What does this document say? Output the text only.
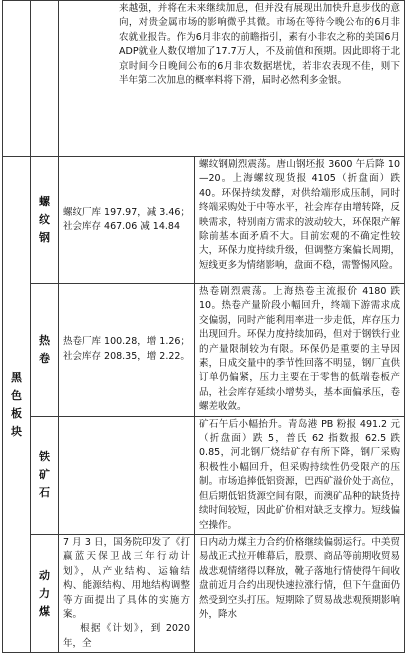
		来越强，并将在未来继续加息，但并没有展现出加快升息步伐的意向，对贵金属市场的影响微乎其微。市场在等待今晚公布的6月非农就业报告。作为6月非农的前瞻指引，素有小非农之称的美国6月ADP就业人数仅增加了17.7万人，不及前值和预期。因此即将于北京时间今日晚间公布的6月非农数据堪忧，若非农表现不佳，则下半年第二次加息的概率料将下滑，届时必然利多金银。	
黑色板块	螺纹钢	螺纹厂库 197.97，减 3.46；社会库存 467.06 减 14.84	螺纹钢剧烈震荡。唐山钢坯报 3600 午后降 10—20。上海螺纹现货报 4105（折盘面）跌 40。环保持续发酵，对供给端形成压制，同时终端采购处于中等水平，社会库存由增转降，反映需求，特别南方需求的波动较大，环保限产解除前基本面矛盾不大。目前宏观的不确定性较大，环保力度持续升级，但调整方案偏长周期，短线更多为情绪影响，盘面不稳，需警惕风险。
	热卷	热卷厂库 100.28，增 1.26；社会库存 208.35，增 2.22。	热卷剧烈震荡。上海热卷主流报价 4180 跌 10。热卷产量阶段小幅回升，终端下游需求成交偏弱，同时产能利用率进一步走低，库存压力出现回升。环保力度持续加码，但对于钢铁行业的产量限制较为有限。环保仍是重要的主导因素，日成交量中的季节性回落不明显，钢厂直供订单仍偏紧，压力主要在于零售的低端卷板产品，社会库存延续小增势头，基本面偏承压，卷螺差收敛。
	铁矿石		矿石午后小幅抬升。青岛港 PB 粉报 491.2 元（折盘面）跌 5，普氏 62 指数报 62.5 跌 0.85，河北钢厂烧结矿存有所下降，钢厂采购积极性小幅回升，但采购持续性仍受限产的压制。市场追捧低铝资源，巴西矿溢价处于高位，但后期低铝货源空间有限，而澳矿品种的缺货持续时间较短，因此矿价相对缺乏支撑力。短线偏空操作。
	动力煤	7 月 3 日，国务院印发了《打赢蓝天保卫战三年行动计划》，从产业结构、运输结构、能源结构、用地结构调整等方面提出了具体的实施方案。
根据《计划》，到 2020 年，全	日内动力煤主力合约价格继续偏弱运行。中美贸易战正式拉开帷幕后，股票、商品等前期收贸易战悲观情绪得以释放，靴子落地行情使得午间收盘前近月合约出现快速拉涨行情，但下午盘面仍然受到空头打压。短期除了贸易战悲观预期影响外，降水
